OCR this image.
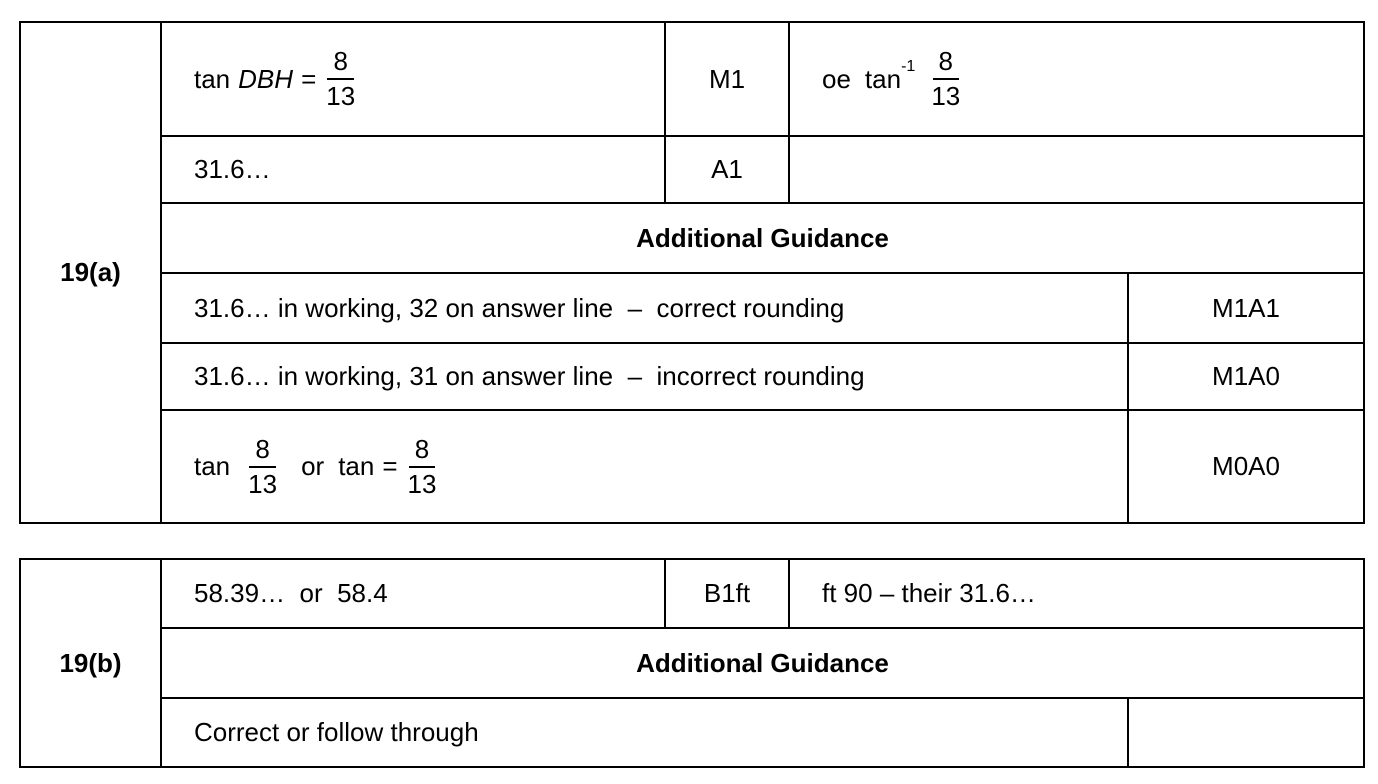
19(a)
tan DBH = $\frac{8}{13}$	M1	oe $\tan -1 \frac{8}{13}$
31.6…	A1
Additional Guidance
31.6… in working, 32 on answer line  –  correct rounding	M1A1
31.6… in working, 31 on answer line  –  incorrect rounding	M1A0
$\tan \frac{8}{13}$ or $\tan = \frac{8}{13}$	M0A0
19(b)
58.39…  or  58.4	B1ft	ft 90 – their 31.6…
Additional Guidance
Correct or follow through
